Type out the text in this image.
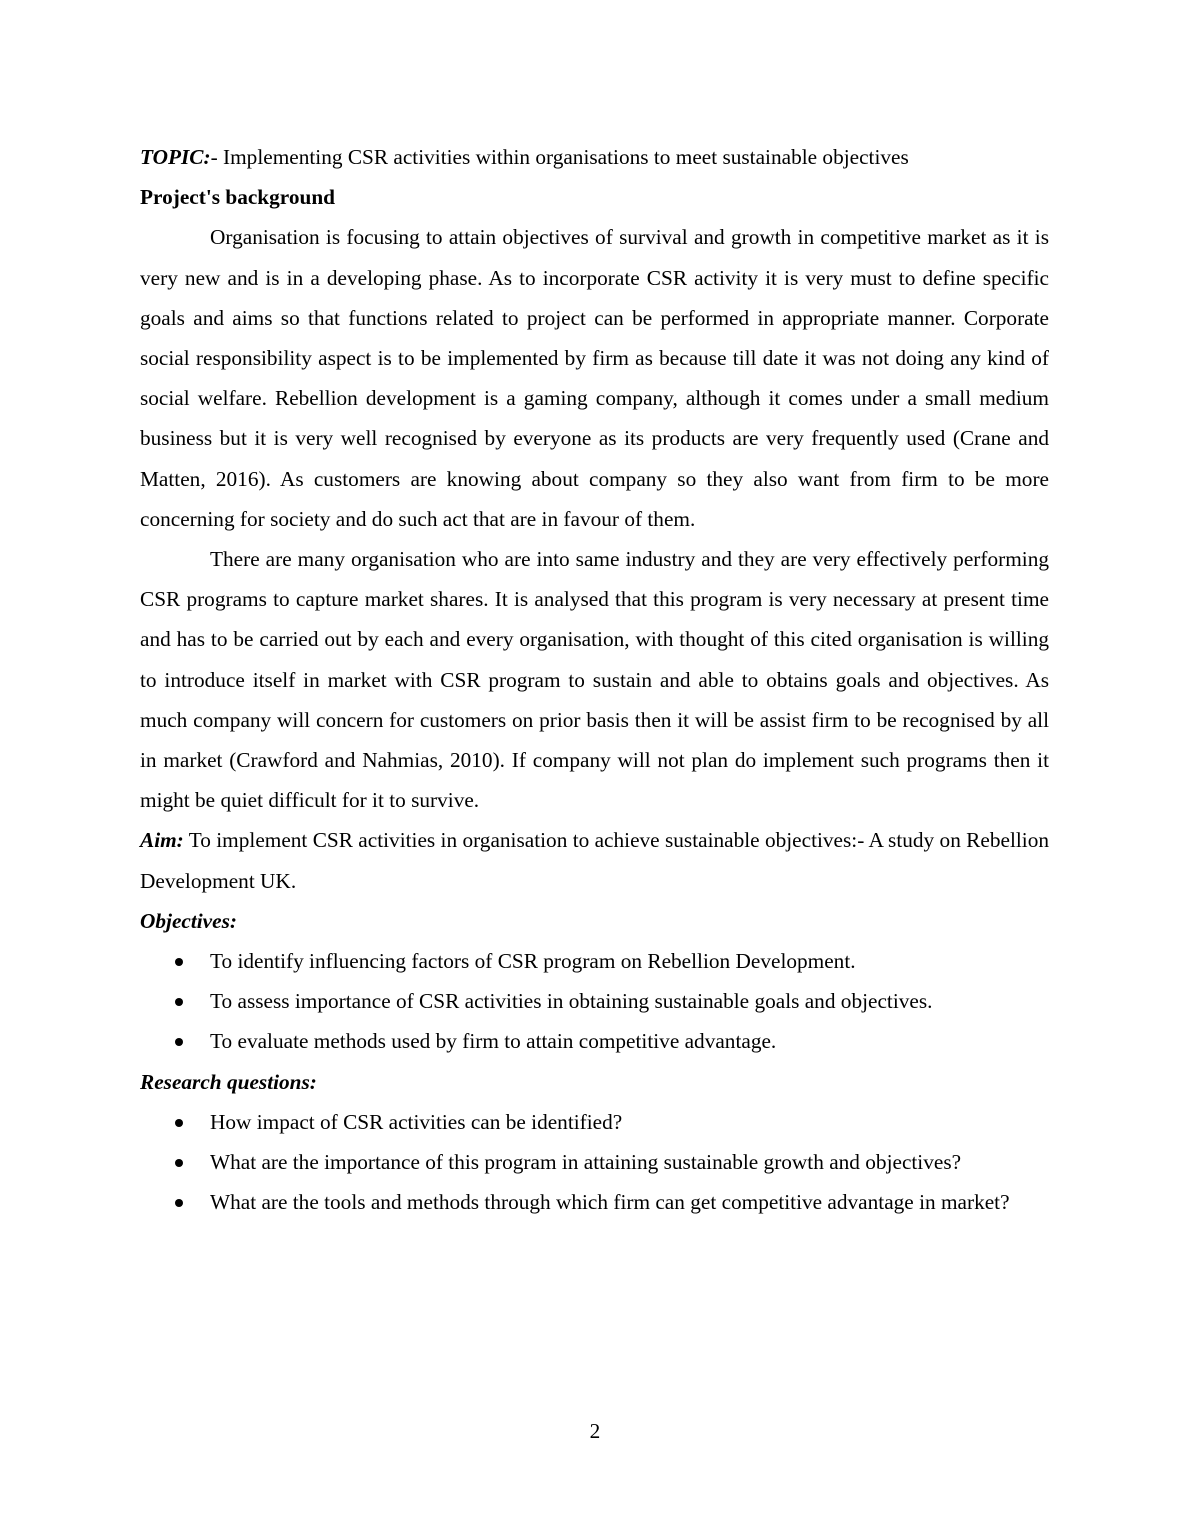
TOPIC:- Implementing CSR activities within organisations to meet sustainable objectives

Project's background

Organisation is focusing to attain objectives of survival and growth in competitive market as it is very new and is in a developing phase. As to incorporate CSR activity it is very must to define specific goals and aims so that functions related to project can be performed in appropriate manner. Corporate social responsibility aspect is to be implemented by firm as because till date it was not doing any kind of social welfare. Rebellion development is a gaming company, although it comes under a small medium business but it is very well recognised by everyone as its products are very frequently used (Crane and Matten, 2016). As customers are knowing about company so they also want from firm to be more concerning for society and do such act that are in favour of them.

There are many organisation who are into same industry and they are very effectively performing CSR programs to capture market shares. It is analysed that this program is very necessary at present time and has to be carried out by each and every organisation, with thought of this cited organisation is willing to introduce itself in market with CSR program to sustain and able to obtains goals and objectives. As much company will concern for customers on prior basis then it will be assist firm to be recognised by all in market (Crawford and Nahmias, 2010). If company will not plan do implement such programs then it might be quiet difficult for it to survive.

Aim: To implement CSR activities in organisation to achieve sustainable objectives:- A study on Rebellion Development UK.

Objectives:

To identify influencing factors of CSR program on Rebellion Development.
To assess importance of CSR activities in obtaining sustainable goals and objectives.
To evaluate methods used by firm to attain competitive advantage.

Research questions:

How impact of CSR activities can be identified?
What are the importance of this program in attaining sustainable growth and objectives?
What are the tools and methods through which firm can get competitive advantage in market?
2
